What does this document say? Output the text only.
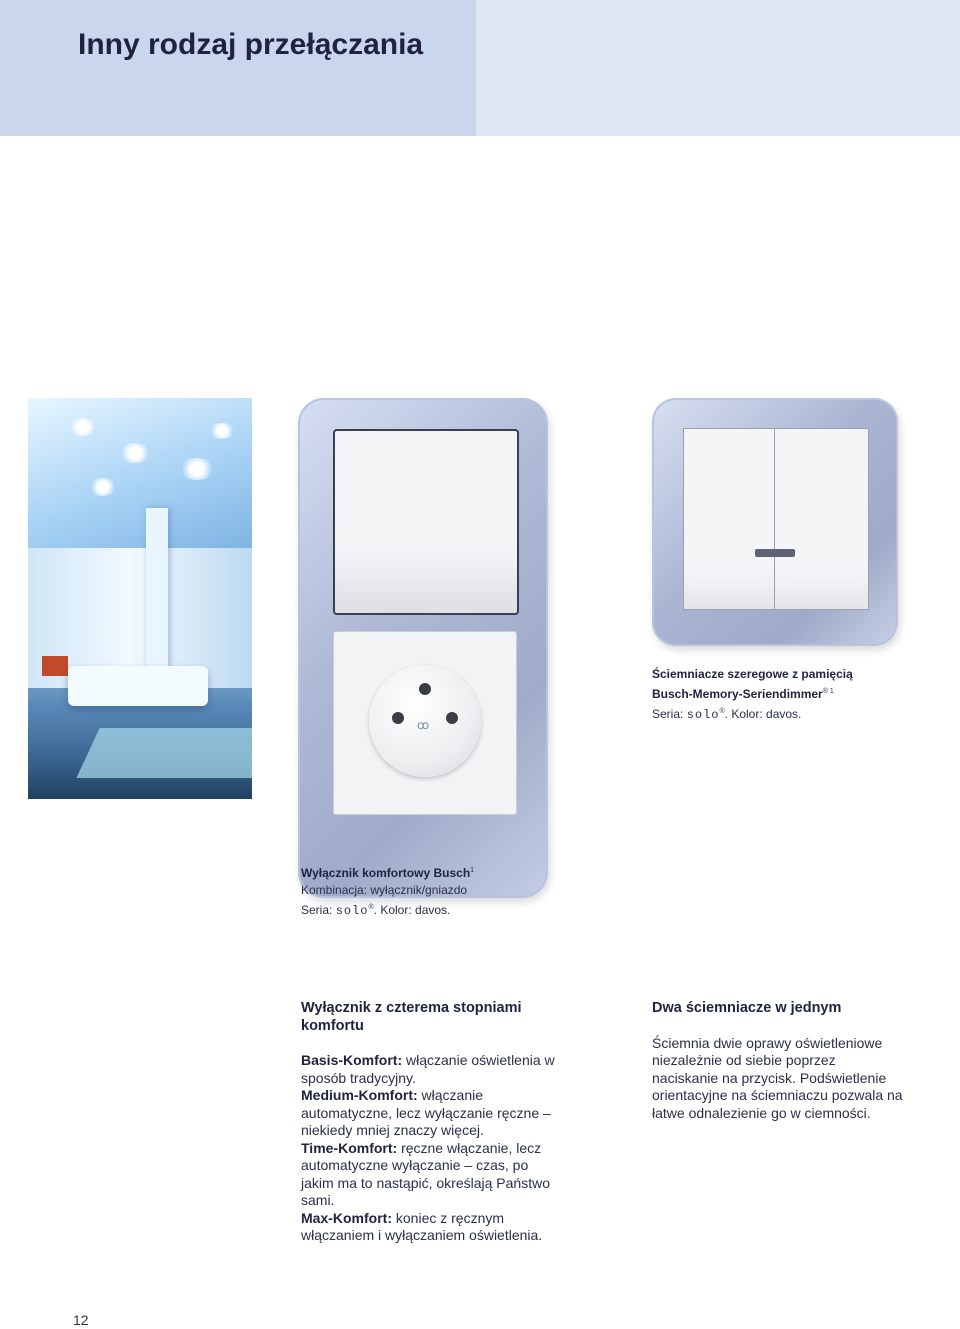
Inny rodzaj przełączania
ꝏ
Ściemniacze szeregowe z pamięcią
Busch-Memory-Seriendimmer$^{® 1}$
Seria: solo®. Kolor: davos.
Wyłącznik komfortowy Busch$^1$
Kombinacja: wyłącznik/gniazdo
Seria: solo®. Kolor: davos.
Wyłącznik z czterema stopniami komfortu

Basis-Komfort: włączanie oświetlenia w sposób tradycyjny.

Medium-Komfort: włączanie automatyczne, lecz wyłączanie ręczne – niekiedy mniej znaczy więcej.

Time-Komfort: ręczne włączanie, lecz automatyczne wyłączanie – czas, po jakim ma to nastąpić, określają Państwo sami.

Max-Komfort: koniec z ręcznym włączaniem i wyłączaniem oświetlenia.

Dwa ściemniacze w jednym

Ściemnia dwie oprawy oświetleniowe niezależnie od siebie poprzez naciskanie na przycisk. Podświetlenie orientacyjne na ściemniaczu pozwala na łatwe odnalezienie go w ciemności.

12
